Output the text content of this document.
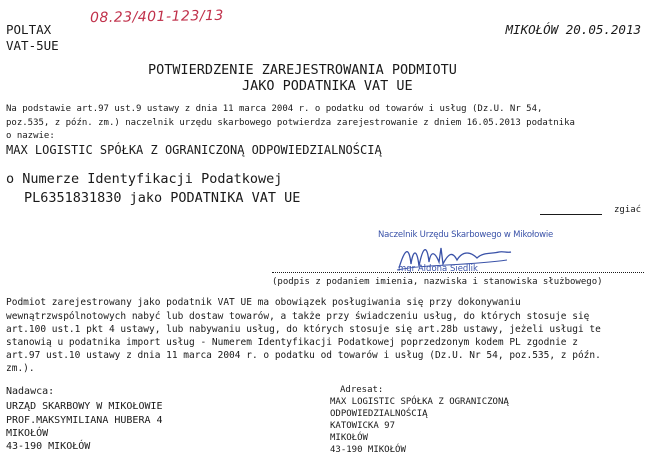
POLTAX
VAT-5UE
08.23/401-123/13
MIKOŁÓW 20.05.2013
POTWIERDZENIE ZAREJESTROWANIA PODMIOTU
JAKO PODATNIKA VAT UE
Na podstawie art.97 ust.9 ustawy z dnia 11 marca 2004 r. o podatku od towarów i usług (Dz.U. Nr 54,
poz.535, z późn. zm.) naczelnik urzędu skarbowego potwierdza zarejestrowanie z dniem 16.05.2013 podatnika
o nazwie:
MAX LOGISTIC SPÓŁKA Z OGRANICZONĄ ODPOWIEDZIALNOŚCIĄ
o Numerze Identyfikacji Podatkowej
PL6351831830 jako PODATNIKA VAT UE
zgiać
Naczelnik Urzędu Skarbowego w Mikołowie
mgr Aldona Siedlik
(podpis z podaniem imienia, nazwiska i stanowiska służbowego)
Podmiot zarejestrowany jako podatnik VAT UE ma obowiązek posługiwania się przy dokonywaniu
wewnątrzwspólnotowych nabyć lub dostaw towarów, a także przy świadczeniu usług, do których stosuje się
art.100 ust.1 pkt 4 ustawy, lub nabywaniu usług, do których stosuje się art.28b ustawy, jeżeli usługi te
stanowią u podatnika import usług - Numerem Identyfikacji Podatkowej poprzedzonym kodem PL zgodnie z
art.97 ust.10 ustawy z dnia 11 marca 2004 r. o podatku od towarów i usług (Dz.U. Nr 54, poz.535, z późn.
zm.).
Nadawca:
URZĄD SKARBOWY W MIKOŁOWIE
PROF.MAKSYMILIANA HUBERA 4
MIKOŁÓW
43-190 MIKOŁÓW
Adresat:
MAX LOGISTIC SPÓŁKA Z OGRANICZONĄ
ODPOWIEDZIALNOŚCIĄ
KATOWICKA 97
MIKOŁÓW
43-190 MIKOŁÓW
